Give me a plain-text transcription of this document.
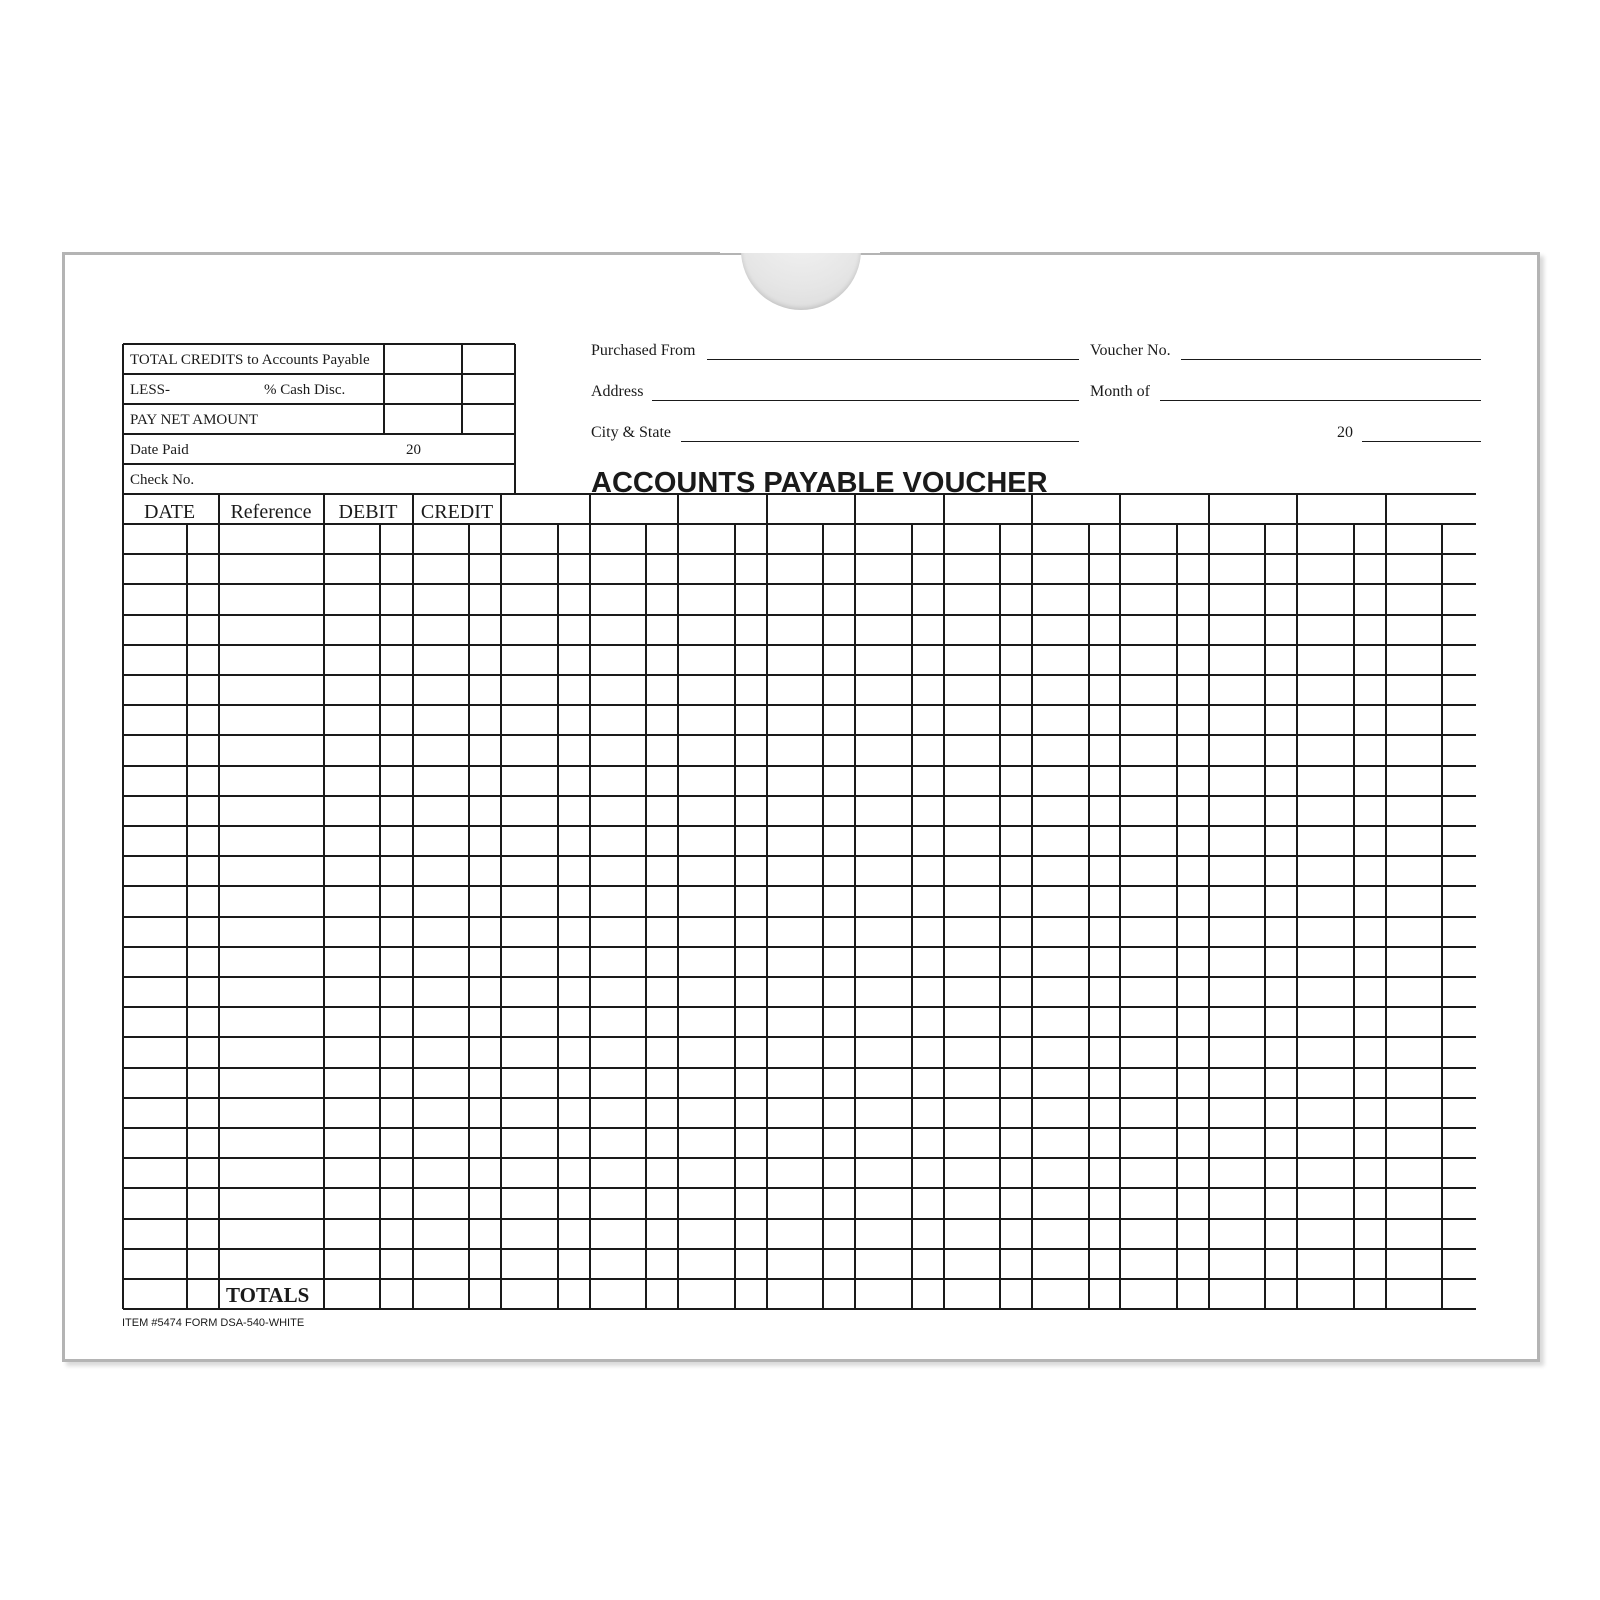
TOTAL CREDITS to Accounts Payable
LESS-	% Cash Disc.
PAY NET AMOUNT
Date Paid	20
Check No.
Purchased From	Voucher No.
Address	Month of
City & State	20
ACCOUNTS PAYABLE VOUCHER
DATE	Reference	DEBIT	CREDIT
TOTALS
ITEM #5474 FORM DSA-540-WHITE
